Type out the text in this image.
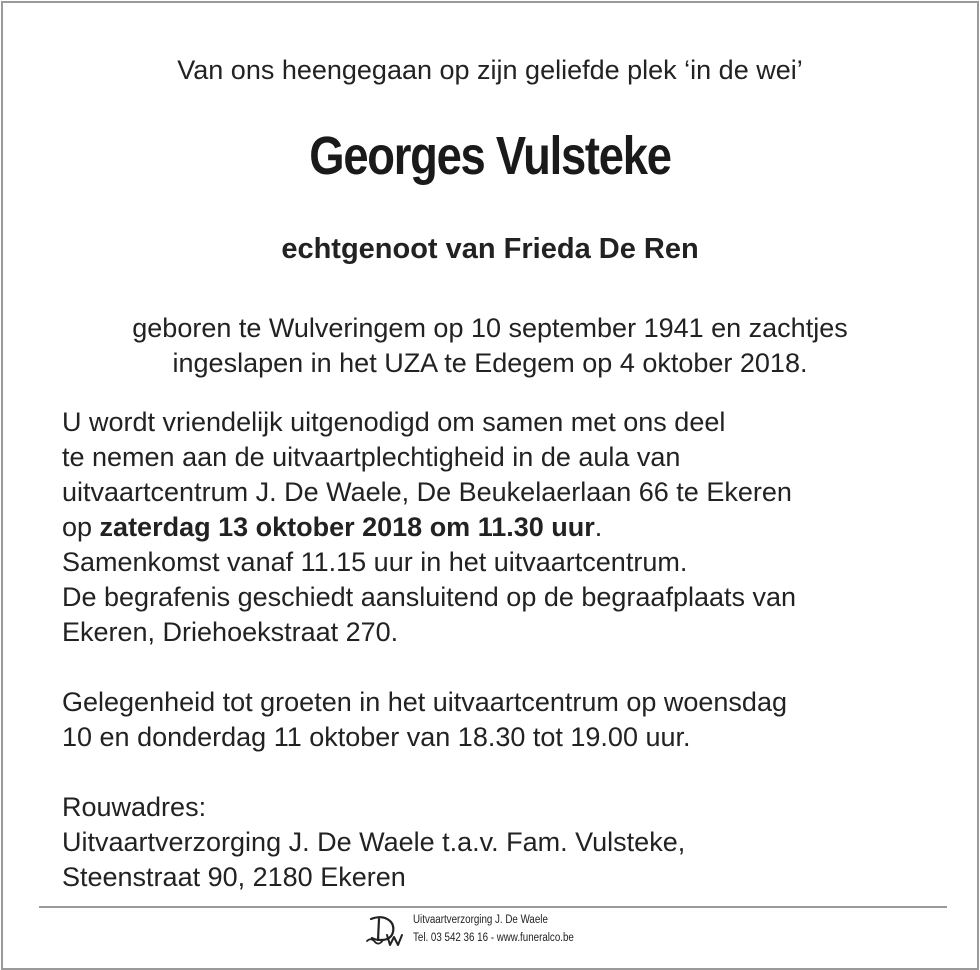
Van ons heengegaan op zijn geliefde plek ‘in de wei’

Georges Vulsteke

echtgenoot van Frieda De Ren

geboren te Wulveringem op 10 september 1941 en zachtjes

ingeslapen in het UZA te Edegem op 4 oktober 2018.

U wordt vriendelijk uitgenodigd om samen met ons deel

te nemen aan de uitvaartplechtigheid in de aula van

uitvaartcentrum J. De Waele, De Beukelaerlaan 66 te Ekeren

op zaterdag 13 oktober 2018 om 11.30 uur.

Samenkomst vanaf 11.15 uur in het uitvaartcentrum.

De begrafenis geschiedt aansluitend op de begraafplaats van

Ekeren, Driehoekstraat 270.

Gelegenheid tot groeten in het uitvaartcentrum op woensdag

10 en donderdag 11 oktober van 18.30 tot 19.00 uur.

Rouwadres:

Uitvaartverzorging J. De Waele t.a.v. Fam. Vulsteke,

Steenstraat 90, 2180 Ekeren

Uitvaartverzorging J. De Waele
Tel. 03 542 36 16 - www.funeralco.be
